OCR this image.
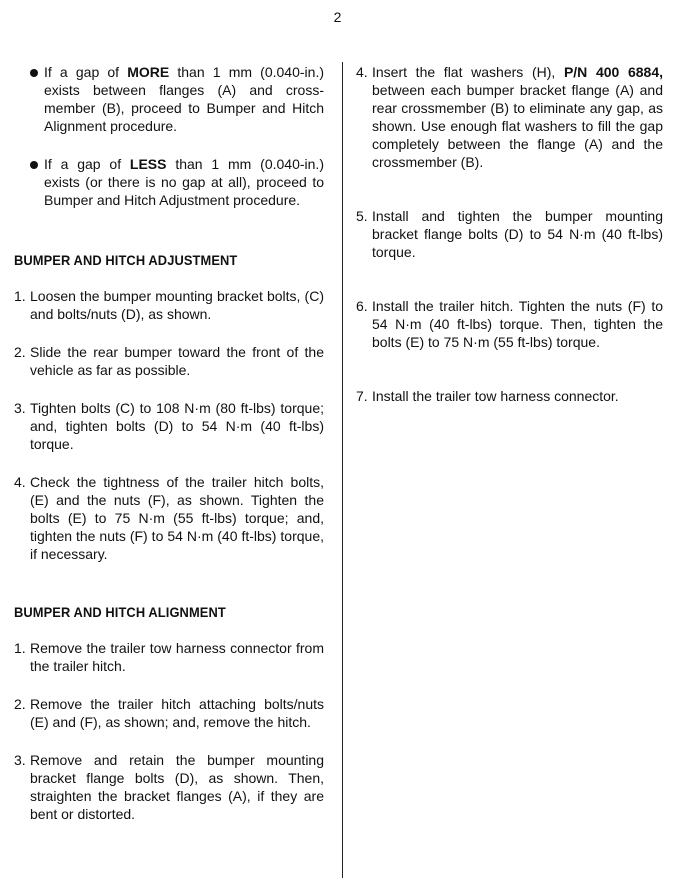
2
If a gap of MORE than 1 mm (0.040-in.) exists between flanges (A) and cross-member (B), proceed to Bumper and Hitch Alignment procedure.
If a gap of LESS than 1 mm (0.040-in.) exists (or there is no gap at all), proceed to Bumper and Hitch Adjustment procedure.
BUMPER AND HITCH ADJUSTMENT
1. Loosen the bumper mounting bracket bolts, (C) and bolts/nuts (D), as shown.
2. Slide the rear bumper toward the front of the vehicle as far as possible.
3. Tighten bolts (C) to 108 N·m (80 ft-lbs) torque; and, tighten bolts (D) to 54 N·m (40 ft-lbs) torque.
4. Check the tightness of the trailer hitch bolts, (E) and the nuts (F), as shown. Tighten the bolts (E) to 75 N·m (55 ft-lbs) torque; and, tighten the nuts (F) to 54 N·m (40 ft-lbs) torque, if necessary.
BUMPER AND HITCH ALIGNMENT
1. Remove the trailer tow harness connector from the trailer hitch.
2. Remove the trailer hitch attaching bolts/nuts (E) and (F), as shown; and, remove the hitch.
3. Remove and retain the bumper mounting bracket flange bolts (D), as shown. Then, straighten the bracket flanges (A), if they are bent or distorted.
4. Insert the flat washers (H), P/N 400 6884, between each bumper bracket flange (A) and rear crossmember (B) to eliminate any gap, as shown. Use enough flat washers to fill the gap completely between the flange (A) and the crossmember (B).
5. Install and tighten the bumper mounting bracket flange bolts (D) to 54 N·m (40 ft-lbs) torque.
6. Install the trailer hitch. Tighten the nuts (F) to 54 N·m (40 ft-lbs) torque. Then, tighten the bolts (E) to 75 N·m (55 ft-lbs) torque.
7. Install the trailer tow harness connector.
